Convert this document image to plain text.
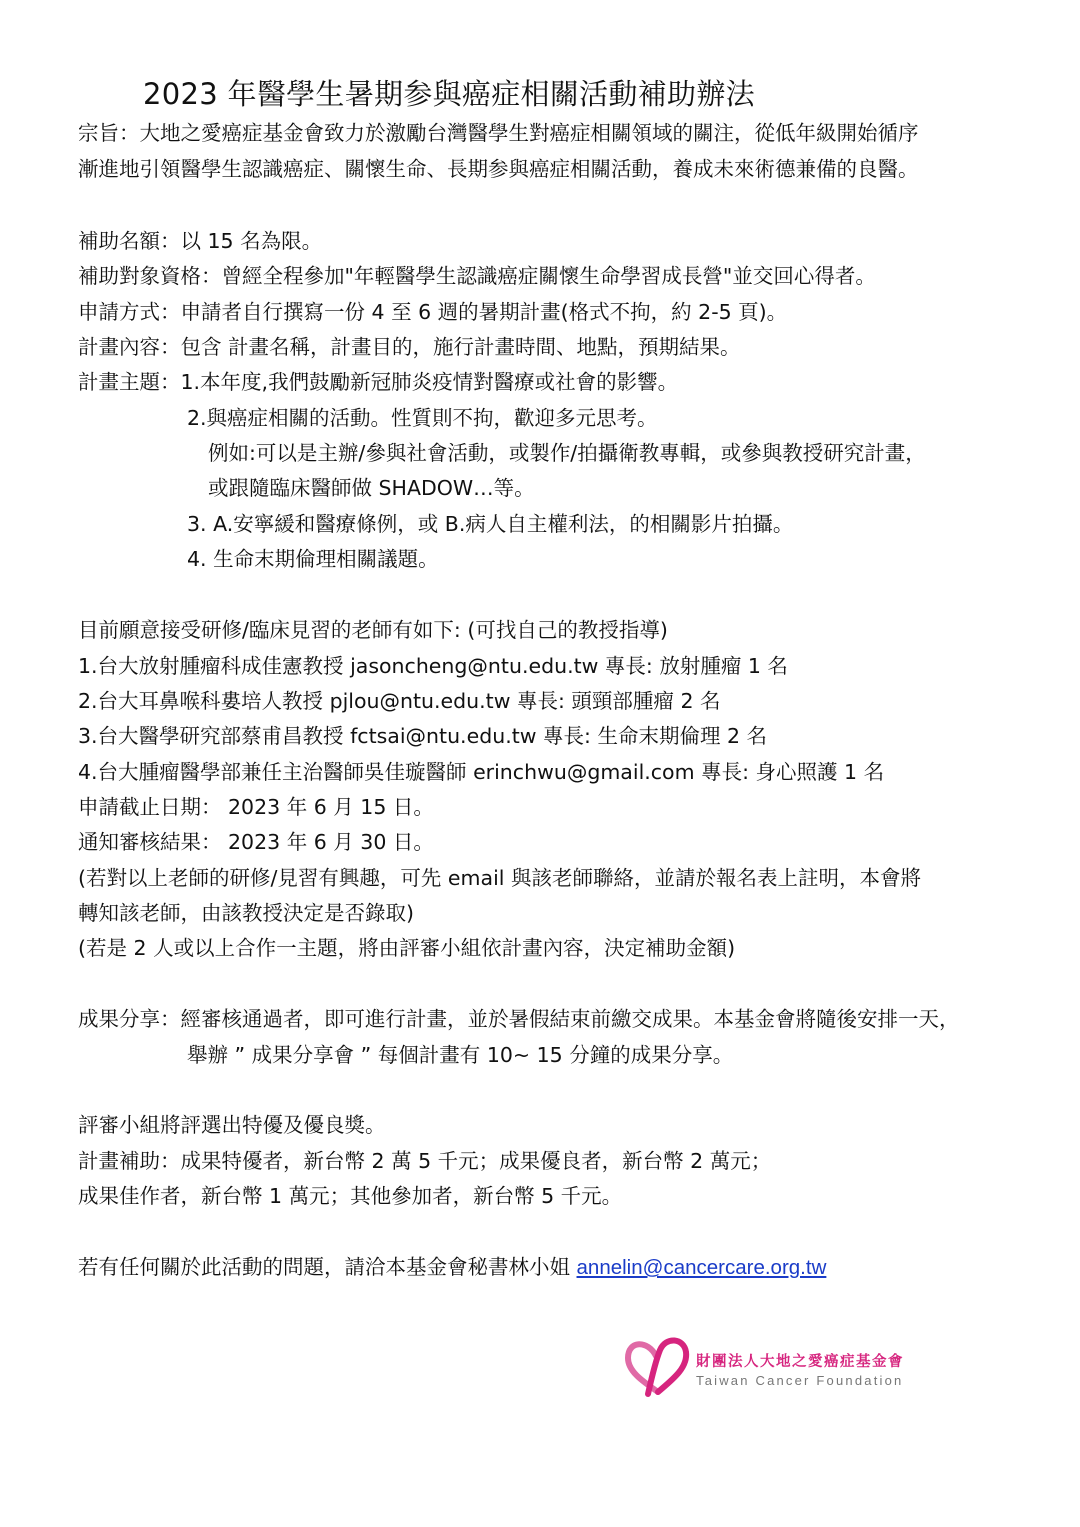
2023 年醫學生暑期参與癌症相關活動補助辦法
宗旨：大地之愛癌症基金會致力於激勵台灣醫學生對癌症相關領域的關注，從低年級開始循序
漸進地引領醫學生認識癌症、關懷生命、長期参與癌症相關活動，養成未來術德兼備的良醫。
補助名額：以 15 名為限。
補助對象資格：曾經全程參加"年輕醫學生認識癌症關懷生命學習成長營"並交回心得者。
申請方式：申請者自行撰寫一份 4 至 6 週的暑期計畫(格式不拘，約 2-5 頁)。
計畫內容：包含 計畫名稱，計畫目的，施行計畫時間、地點，預期結果。
計畫主題：1.本年度,我們鼓勵新冠肺炎疫情對醫療或社會的影響。
2.與癌症相關的活動。性質則不拘，歡迎多元思考。
例如:可以是主辦/參與社會活動，或製作/拍攝衛教專輯，或參與教授研究計畫，
或跟隨臨床醫師做 SHADOW…等。
3. A.安寧緩和醫療條例，或 B.病人自主權利法，的相關影片拍攝。
4. 生命末期倫理相關議題。
目前願意接受研修/臨床見習的老師有如下: (可找自己的教授指導)
1.台大放射腫瘤科成佳憲教授 jasoncheng@ntu.edu.tw 專長: 放射腫瘤 1 名
2.台大耳鼻喉科婁培人教授 pjlou@ntu.edu.tw 專長: 頭頸部腫瘤 2 名
3.台大醫學研究部蔡甫昌教授 fctsai@ntu.edu.tw 專長: 生命末期倫理 2 名
4.台大腫瘤醫學部兼任主治醫師吳佳璇醫師 erinchwu@gmail.com 專長: 身心照護 1 名
申請截止日期： 2023 年 6 月 15 日。
通知審核結果： 2023 年 6 月 30 日。
(若對以上老師的研修/見習有興趣，可先 email 與該老師聯絡，並請於報名表上註明，本會將
轉知該老師，由該教授決定是否錄取)
(若是 2 人或以上合作一主題，將由評審小組依計畫內容，決定補助金額)
成果分享：經審核通過者，即可進行計畫，並於暑假結束前繳交成果。本基金會將隨後安排一天，
舉辦 ” 成果分享會 ” 每個計畫有 10~ 15 分鐘的成果分享。
評審小組將評選出特優及優良獎。
計畫補助：成果特優者，新台幣 2 萬 5 千元；成果優良者，新台幣 2 萬元；
成果佳作者，新台幣 1 萬元；其他參加者，新台幣 5 千元。
若有任何關於此活動的問題，請洽本基金會秘書林小姐 annelin@cancercare.org.tw
財團法人大地之愛癌症基金會
Taiwan Cancer Foundation
